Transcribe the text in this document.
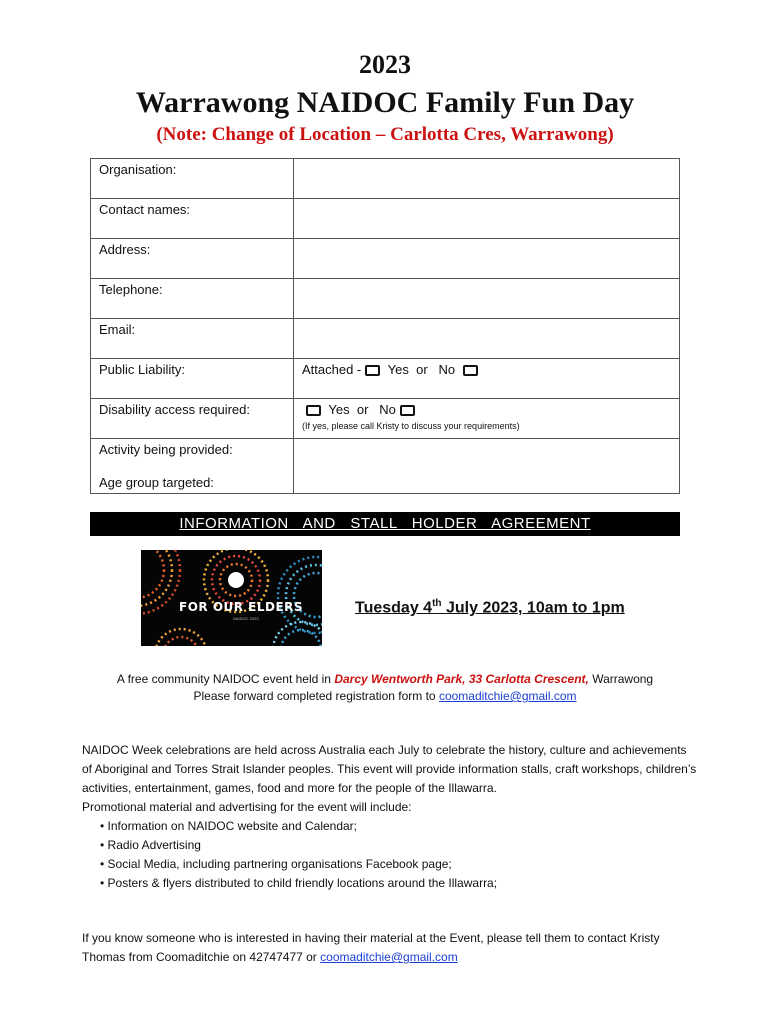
2023
Warrawong NAIDOC Family Fun Day
(Note: Change of Location – Carlotta Cres, Warrawong)
Organisation:	
Contact names:	
Address:	
Telephone:	
Email:	
Public Liability:	Attached - Yes or No
Disability access required:	Yes or No
(If yes, please call Kristy to discuss your requirements)

Activity being provided:
Age group targeted:	

INFORMATION AND STALL HOLDER AGREEMENT
FOR OUR ELDERS
NAIDOC 2023
Tuesday 4th July 2023, 10am to 1pm
A free community NAIDOC event held in Darcy Wentworth Park, 33 Carlotta Crescent, Warrawong
Please forward completed registration form to coomaditchie@gmail.com
NAIDOC Week celebrations are held across Australia each July to celebrate the history, culture and achievements of Aboriginal and Torres Strait Islander peoples. This event will provide information stalls, craft workshops, children’s activities, entertainment, games, food and more for the people of the Illawarra.
Promotional material and advertising for the event will include:
• Information on NAIDOC website and Calendar;
• Radio Advertising
• Social Media, including partnering organisations Facebook page;
• Posters & flyers distributed to child friendly locations around the Illawarra;
If you know someone who is interested in having their material at the Event, please tell them to contact Kristy Thomas from Coomaditchie on 42747477 or coomaditchie@gmail.com
